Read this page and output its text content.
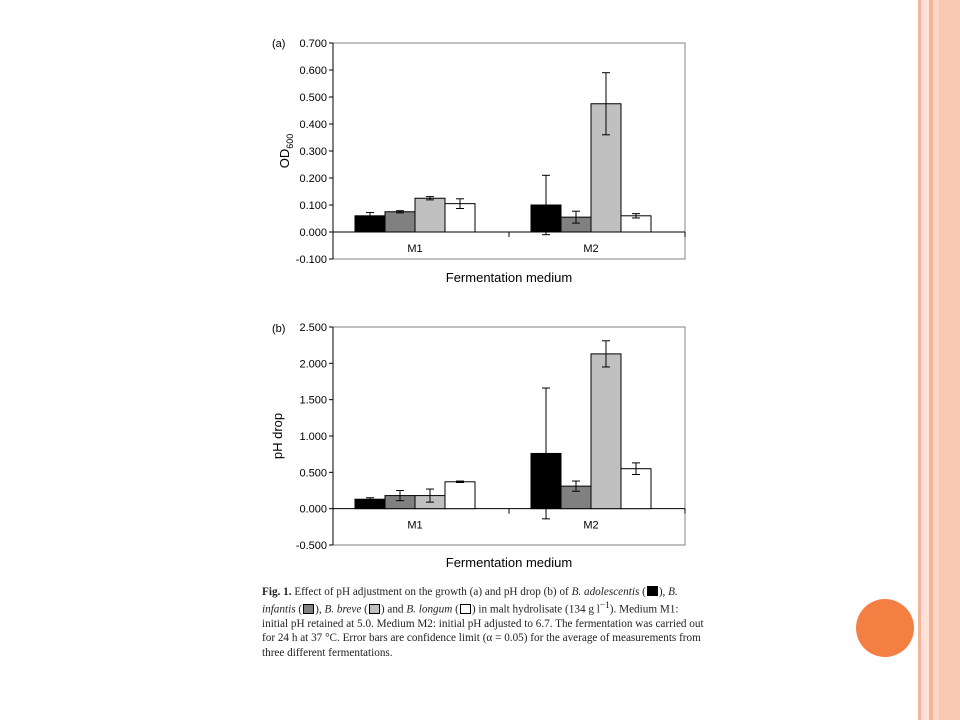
-0.100
0.000
0.100
0.200
0.300
0.400
0.500
0.600
0.700
M1	M2
(a)
$OD_{600}$
Fermentation medium
-0.500
0.000
0.500
1.000
1.500
2.000
2.500
M1	M2
(b)
pH drop
Fermentation medium
Fig. 1. Effect of pH adjustment on the growth (a) and pH drop (b) of B. adolescentis ( ), B. infantis ( ), B. breve ( ) and B. longum ( ) in malt hydrolisate (134 g $l^{-1}$). Medium M1: initial pH retained at 5.0. Medium M2: initial pH adjusted to 6.7. The fermentation was carried out for 24 h at 37 °C. Error bars are confidence limit (α = 0.05) for the average of measurements from three different fermentations.
